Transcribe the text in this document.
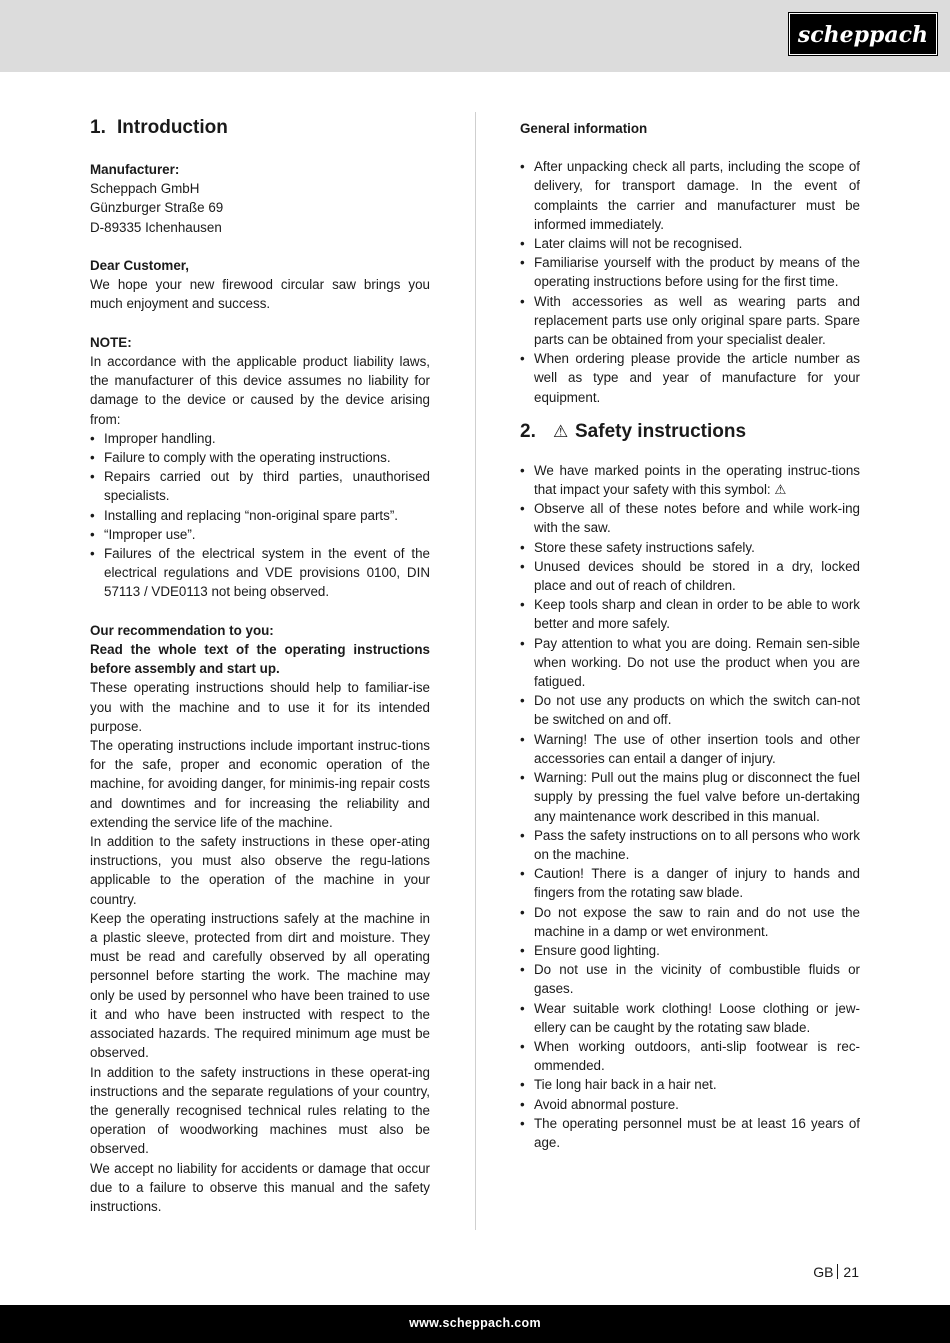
scheppach
1. Introduction
Manufacturer:
Scheppach GmbH
Günzburger Straße 69
D-89335 Ichenhausen
Dear Customer,

We hope your new firewood circular saw brings you much enjoyment and success.

NOTE:

In accordance with the applicable product liability laws, the manufacturer of this device assumes no liability for damage to the device or caused by the device arising from:

• Improper handling.
• Failure to comply with the operating instructions.
• Repairs carried out by third parties, unauthorised specialists.
• Installing and replacing “non-original spare parts”.
• “Improper use”.
• Failures of the electrical system in the event of the electrical regulations and VDE provisions 0100, DIN 57113 / VDE0113 not being observed.
Our recommendation to you:

Read the whole text of the operating instructions before assembly and start up.

These operating instructions should help to familiar-ise you with the machine and to use it for its intended purpose.

The operating instructions include important instruc-tions for the safe, proper and economic operation of the machine, for avoiding danger, for minimis-ing repair costs and downtimes and for increasing the reliability and extending the service life of the machine.

In addition to the safety instructions in these oper-ating instructions, you must also observe the regu-lations applicable to the operation of the machine in your country.

Keep the operating instructions safely at the machine in a plastic sleeve, protected from dirt and moisture. They must be read and carefully observed by all operating personnel before starting the work. The machine may only be used by personnel who have been trained to use it and who have been instructed with respect to the associated hazards. The required minimum age must be observed.

In addition to the safety instructions in these operat-ing instructions and the separate regulations of your country, the generally recognised technical rules relating to the operation of woodworking machines must also be observed.

We accept no liability for accidents or damage that occur due to a failure to observe this manual and the safety instructions.

General information
• After unpacking check all parts, including the scope of delivery, for transport damage. In the event of complaints the carrier and manufacturer must be informed immediately.
• Later claims will not be recognised.
• Familiarise yourself with the product by means of the operating instructions before using for the first time.
• With accessories as well as wearing parts and replacement parts use only original spare parts. Spare parts can be obtained from your specialist dealer.
• When ordering please provide the article number as well as type and year of manufacture for your equipment.
2. ⚠ Safety instructions
• We have marked points in the operating instruc-tions that impact your safety with this symbol: ⚠
• Observe all of these notes before and while work-ing with the saw.
• Store these safety instructions safely.
• Unused devices should be stored in a dry, locked place and out of reach of children.
• Keep tools sharp and clean in order to be able to work better and more safely.
• Pay attention to what you are doing. Remain sen-sible when working. Do not use the product when you are fatigued.
• Do not use any products on which the switch can-not be switched on and off.
• Warning! The use of other insertion tools and other accessories can entail a danger of injury.
• Warning: Pull out the mains plug or disconnect the fuel supply by pressing the fuel valve before un-dertaking any maintenance work described in this manual.
• Pass the safety instructions on to all persons who work on the machine.
• Caution! There is a danger of injury to hands and fingers from the rotating saw blade.
• Do not expose the saw to rain and do not use the machine in a damp or wet environment.
• Ensure good lighting.
• Do not use in the vicinity of combustible fluids or gases.
• Wear suitable work clothing! Loose clothing or jew-ellery can be caught by the rotating saw blade.
• When working outdoors, anti-slip footwear is rec-ommended.
• Tie long hair back in a hair net.
• Avoid abnormal posture.
• The operating personnel must be at least 16 years of age.
GB 21
www.scheppach.com
